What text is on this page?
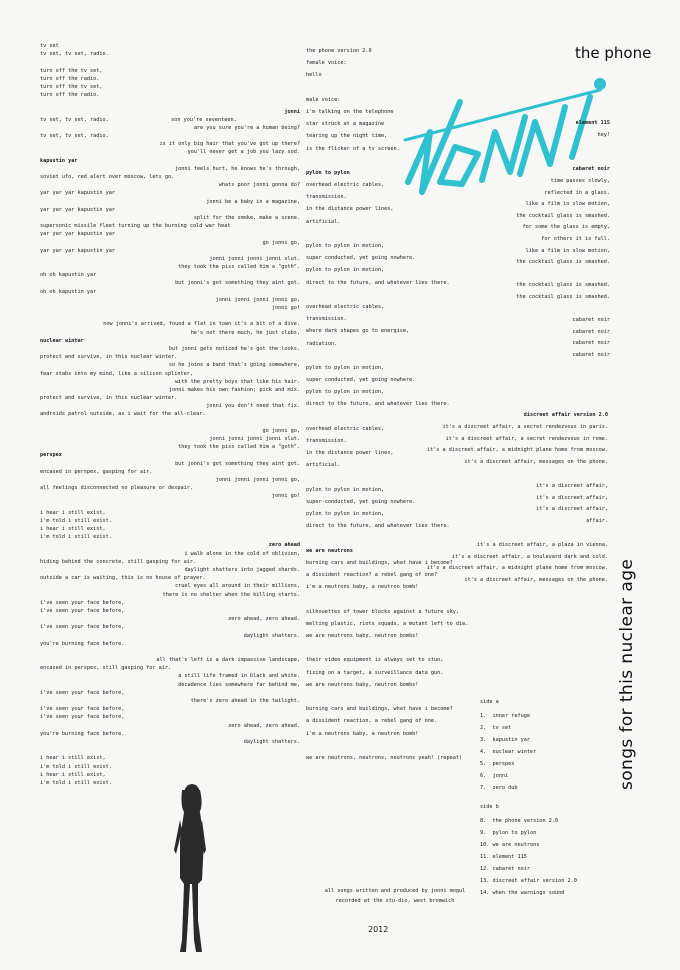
the phone

tv set

tv set, tv set, radio.

turn off the tv set,

turn off the radio.

turn off the tv set,

turn off the radio.

jonni

tv set, tv set, radio.                    son you're seventeen,

are you sure you're a human being?

tv set, tv set, radio.

is it only big hair that you've got up there?

you'll never get a job you lazy sod.

kapustin yar

jonni feels hurt, he knows he's through,

soviet ufo, red alert over moscow, lets go.

whats poor jonni gonna do?

yar yar yar kapustin yar

jonni be a baby in a magazine,

yar yar yar kapustin yar

split for the smoke, make a scene.

supersonic missile fleet turning up the burning cold war heat

yar yar yar kapustin yar

go jonni go,

yar yar yar kapustin yar

jonni jonni jonni jonni slut.

they took the piss called him a "goth".

oh oh kapustin yar

but jonni's got something they aint got.

oh oh kapustin yar

jonni jonni jonni jonni go,

jonni go!

now jonni's arrived, found a flat in town it's a bit of a dive.

he's not there much, he just clubs,

nuclear winter

but jonni gets noticed he's got the looks.

protect and survive, in this nuclear winter.

so he joins a band that's going somewhere,

fear stabs into my mind, like a silicon splinter,

with the pretty boys that like his hair.

jonni makes his own fashion; pick and mix.

protect and survive, in this nuclear winter.

jonni you don't need that fix.

androids patrol outside, as i wait for the all-clear.

go jonni go,

jonni jonni jonni jonni slut.

they took the piss called him a "goth".

perspex

but jonni's got something they aint got.

encased in perspex, gasping for air.

jonni jonni jonni jonni go,

all feelings disconnected no pleasure or despair.

jonni go!

i hear i still exist,

i'm told i still exist.

i hear i still exist,

i'm told i still exist.

zero ahead

i walk alone in the cold of oblivion,

hiding behind the concrete, still gasping for air.

daylight shatters into jagged shards.

outside a car is waiting, this is no house of prayer.

cruel eyes all around in their millions,

there is no shelter when the killing starts.

i've seen your face before,

i've seen your face before,

zero ahead, zero ahead.

i've seen your face before,

daylight shatters.

you're burning face before.

all that's left is a dark impassive landscape,

encased in perspex, still gasping for air.

a still life framed in black and white.

decadence lies somewhere far behind me,

i've seen your face before,

there's zero ahead in the twilight.

i've seen your face before,

i've seen your face before,

zero ahead, zero ahead.

you're burning face before.

daylight shatters.

i hear i still exist,

i'm told i still exist.

i hear i still exist,

i'm told i still exist.

the phone version 2.0

female voice:

hello

male voice:

i'm talking on the telephone

star struck at a magazine

tearing up the night time,

is the flicker of a tv screen.

pylon to pylon

overhead electric cables,

transmission.

in the distance power lines,

artificial.

pylon to pylon in motion,

super conducted, yet going nowhere.

pylon to pylon in motion,

direct to the future, and whatever lies there.

overhead electric cables,

transmission.

where dark shapes go to energise,

radiation.

pylon to pylon in motion,

super conducted, yet going nowhere.

pylon to pylon in motion,

direct to the future, and whatever lies there.

overhead electric cables,

transmission.

in the distance power lines,

artificial.

pylon to pylon in motion,

super-conducted, yet going nowhere.

pylon to pylon in motion,

direct to the future, and whatever lies there.

we are neutrons

burning cars and buildings, what have i become?

a dissident reaction? a rebel gang of one?

i'm a neutrons baby, a neutron bomb!

silhouettes of tower blocks against a future sky,

melting plastic, riots squads, a mutant left to die.

we are neutrons baby, neutron bombs!

their video equipment is always set to stun,

fixing on a target, a surveillance data gun.

we are neutrons baby, neutron bombs!

burning cars and buildings, what have i become?

a dissident reaction, a rebel gang of one.

i'm a neutrons baby, a neutron bomb!

we are neutrons, neutrons, neutrons yeah! (repeat)

element 115

hey!

cabaret noir

time passes slowly,

reflected in a glass.

like a film in slow motion,

the cocktail glass is smashed.

for some the glass is empty,

for others it is full.

like a film in slow motion,

the cocktail glass is smashed.

the cocktail glass is smashed.

the cocktail glass is smashed.

cabaret noir

cabaret noir

cabaret noir

cabaret noir

discreet affair version 2.0

it's a discreet affair, a secret rendezvous in paris.

it's a discreet affair, a secret rendezvous in rome.

it's a discreet affair, a midnight plane home from moscow.

it's a discreet affair, messages on the phone.

it's a discreet affair,

it's a discreet affair,

it's a discreet affair,

affair.

it's a discreet affair, a plaza in vienna.

it's a discreet affair, a boulevard dark and cold.

it's a discreet affair, a midnight plane home from moscow.

it's a discreet affair, messages on the phone.

side a

1.  inner refuge

2.  tv set

3.  kapustin yar

4.  nuclear winter

5.  perspex

6.  jonni

7.  zero dub

side b

8.  the phone version 2.0

9.  pylon to pylon

10. we are neutrons

11. element 115

12. cabaret noir

13. discreet affair version 2.0

14. when the warnings sound

songs for this nuclear age

all songs written and produced by jonni mogul

recorded at the stu-dio, west bromwich

2012
